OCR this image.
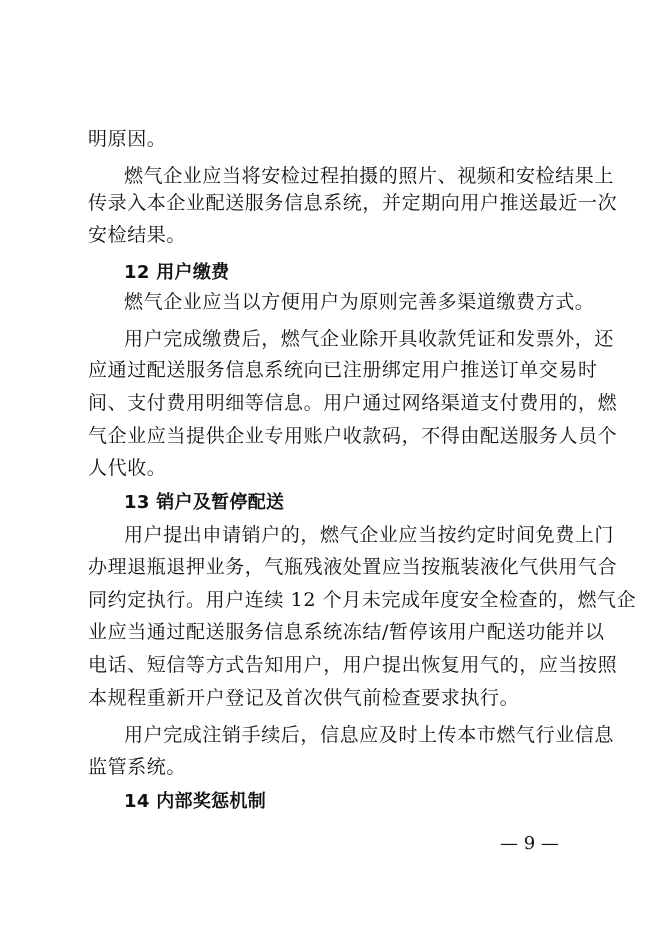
明原因。
燃气企业应当将安检过程拍摄的照片、视频和安检结果上
传录入本企业配送服务信息系统，并定期向用户推送最近一次
安检结果。
12 用户缴费
燃气企业应当以方便用户为原则完善多渠道缴费方式。
用户完成缴费后，燃气企业除开具收款凭证和发票外，还
应通过配送服务信息系统向已注册绑定用户推送订单交易时
间、支付费用明细等信息。用户通过网络渠道支付费用的，燃
气企业应当提供企业专用账户收款码，不得由配送服务人员个
人代收。
13 销户及暂停配送
用户提出申请销户的，燃气企业应当按约定时间免费上门
办理退瓶退押业务，气瓶残液处置应当按瓶装液化气供用气合
同约定执行。用户连续 12 个月未完成年度安全检查的，燃气企
业应当通过配送服务信息系统冻结/暂停该用户配送功能并以
电话、短信等方式告知用户，用户提出恢复用气的，应当按照
本规程重新开户登记及首次供气前检查要求执行。
用户完成注销手续后，信息应及时上传本市燃气行业信息
监管系统。
14 内部奖惩机制
— 9 —
